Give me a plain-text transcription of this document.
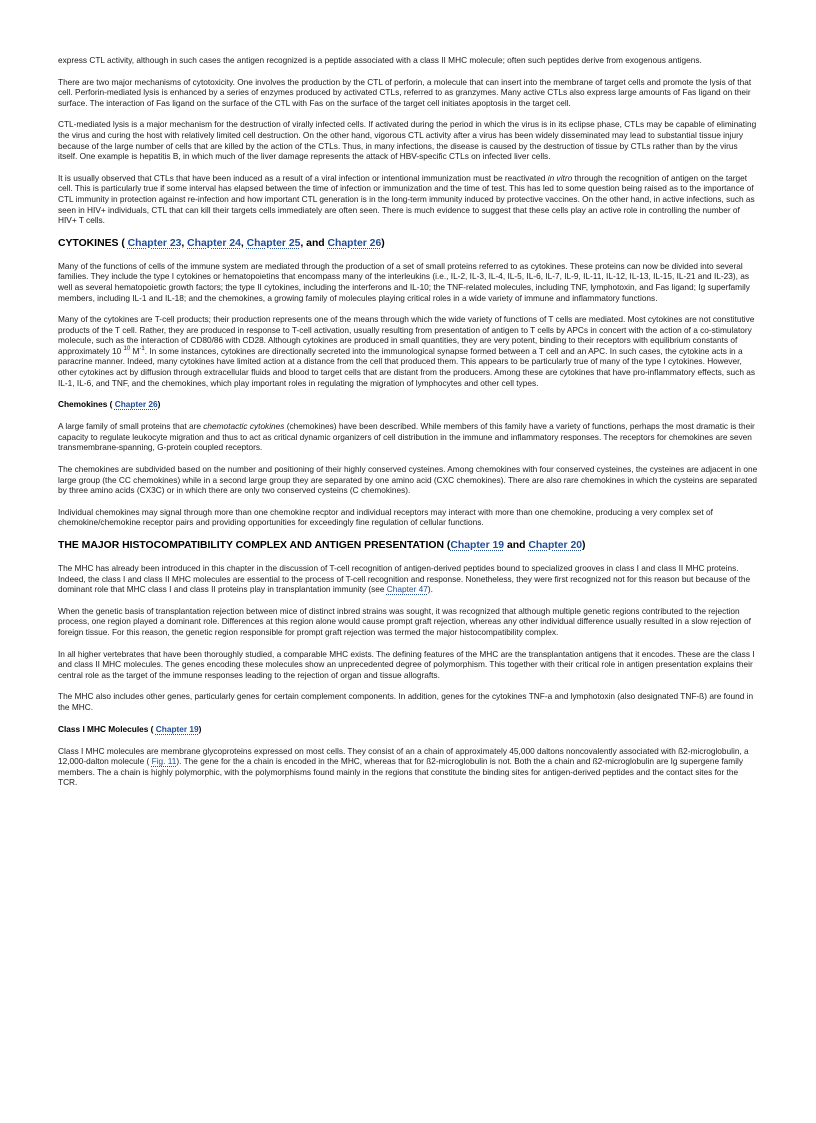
express CTL activity, although in such cases the antigen recognized is a peptide associated with a class II MHC molecule; often such peptides derive from exogenous antigens.

There are two major mechanisms of cytotoxicity. One involves the production by the CTL of perforin, a molecule that can insert into the membrane of target cells and promote the lysis of that cell. Perforin-mediated lysis is enhanced by a series of enzymes produced by activated CTLs, referred to as granzymes. Many active CTLs also express large amounts of Fas ligand on their surface. The interaction of Fas ligand on the surface of the CTL with Fas on the surface of the target cell initiates apoptosis in the target cell.

CTL-mediated lysis is a major mechanism for the destruction of virally infected cells. If activated during the period in which the virus is in its eclipse phase, CTLs may be capable of eliminating the virus and curing the host with relatively limited cell destruction. On the other hand, vigorous CTL activity after a virus has been widely disseminated may lead to substantial tissue injury because of the large number of cells that are killed by the action of the CTLs. Thus, in many infections, the disease is caused by the destruction of tissue by CTLs rather than by the virus itself. One example is hepatitis B, in which much of the liver damage represents the attack of HBV-specific CTLs on infected liver cells.

It is usually observed that CTLs that have been induced as a result of a viral infection or intentional immunization must be reactivated in vitro through the recognition of antigen on the target cell. This is particularly true if some interval has elapsed between the time of infection or immunization and the time of test. This has led to some question being raised as to the importance of CTL immunity in protection against re-infection and how important CTL generation is in the long-term immunity induced by protective vaccines. On the other hand, in active infections, such as seen in HIV+ individuals, CTL that can kill their targets cells immediately are often seen. There is much evidence to suggest that these cells play an active role in controlling the number of HIV+ T cells.

CYTOKINES ( Chapter 23, Chapter 24, Chapter 25, and Chapter 26)

Many of the functions of cells of the immune system are mediated through the production of a set of small proteins referred to as cytokines. These proteins can now be divided into several families. They include the type I cytokines or hematopoietins that encompass many of the interleukins (i.e., IL-2, IL-3, IL-4, IL-5, IL-6, IL-7, IL-9, IL-11, IL-12, IL-13, IL-15, IL-21 and IL-23), as well as several hematopoietic growth factors; the type II cytokines, including the interferons and IL-10; the TNF-related molecules, including TNF, lymphotoxin, and Fas ligand; Ig superfamily members, including IL-1 and IL-18; and the chemokines, a growing family of molecules playing critical roles in a wide variety of immune and inflammatory functions.

Many of the cytokines are T-cell products; their production represents one of the means through which the wide variety of functions of T cells are mediated. Most cytokines are not constitutive products of the T cell. Rather, they are produced in response to T-cell activation, usually resulting from presentation of antigen to T cells by APCs in concert with the action of a co-stimulatory molecule, such as the interaction of CD80/86 with CD28. Although cytokines are produced in small quantities, they are very potent, binding to their receptors with equilibrium constants of approximately 10 $^{10}$ $M^{-1}$. In some instances, cytokines are directionally secreted into the immunological synapse formed between a T cell and an APC. In such cases, the cytokine acts in a paracrine manner. Indeed, many cytokines have limited action at a distance from the cell that produced them. This appears to be particularly true of many of the type I cytokines. However, other cytokines act by diffusion through extracellular fluids and blood to target cells that are distant from the producers. Among these are cytokines that have pro-inflammatory effects, such as IL-1, IL-6, and TNF, and the chemokines, which play important roles in regulating the migration of lymphocytes and other cell types.

Chemokines ( Chapter 26)

A large family of small proteins that are chemotactic cytokines (chemokines) have been described. While members of this family have a variety of functions, perhaps the most dramatic is their capacity to regulate leukocyte migration and thus to act as critical dynamic organizers of cell distribution in the immune and inflammatory responses. The receptors for chemokines are seven transmembrane-spanning, G-protein coupled receptors.

The chemokines are subdivided based on the number and positioning of their highly conserved cysteines. Among chemokines with four conserved cysteines, the cysteines are adjacent in one large group (the CC chemokines) while in a second large group they are separated by one amino acid (CXC chemokines). There are also rare chemokines in which the cysteins are separated by three amino acids (CX3C) or in which there are only two conserved cysteins (C chemokines).

Individual chemokines may signal through more than one chemokine recptor and individual receptors may interact with more than one chemokine, producing a very complex set of chemokine/chemokine receptor pairs and providing opportunities for exceedingly fine regulation of cellular functions.

THE MAJOR HISTOCOMPATIBILITY COMPLEX AND ANTIGEN PRESENTATION (Chapter 19 and Chapter 20)

The MHC has already been introduced in this chapter in the discussion of T-cell recognition of antigen-derived peptides bound to specialized grooves in class I and class II MHC proteins. Indeed, the class I and class II MHC molecules are essential to the process of T-cell recognition and response. Nonetheless, they were first recognized not for this reason but because of the dominant role that MHC class I and class II proteins play in transplantation immunity (see Chapter 47).

When the genetic basis of transplantation rejection between mice of distinct inbred strains was sought, it was recognized that although multiple genetic regions contributed to the rejection process, one region played a dominant role. Differences at this region alone would cause prompt graft rejection, whereas any other individual difference usually resulted in a slow rejection of foreign tissue. For this reason, the genetic region responsible for prompt graft rejection was termed the major histocompatibility complex.

In all higher vertebrates that have been thoroughly studied, a comparable MHC exists. The defining features of the MHC are the transplantation antigens that it encodes. These are the class I and class II MHC molecules. The genes encoding these molecules show an unprecedented degree of polymorphism. This together with their critical role in antigen presentation explains their central role as the target of the immune responses leading to the rejection of organ and tissue allografts.

The MHC also includes other genes, particularly genes for certain complement components. In addition, genes for the cytokines TNF-a and lymphotoxin (also designated TNF-ß) are found in the MHC.

Class I MHC Molecules ( Chapter 19)

Class I MHC molecules are membrane glycoproteins expressed on most cells. They consist of an a chain of approximately 45,000 daltons noncovalently associated with ß2-microglobulin, a 12,000-dalton molecule ( Fig. 11). The gene for the a chain is encoded in the MHC, whereas that for ß2-microglobulin is not. Both the a chain and ß2-microglobulin are Ig supergene family members. The a chain is highly polymorphic, with the polymorphisms found mainly in the regions that constitute the binding sites for antigen-derived peptides and the contact sites for the TCR.
